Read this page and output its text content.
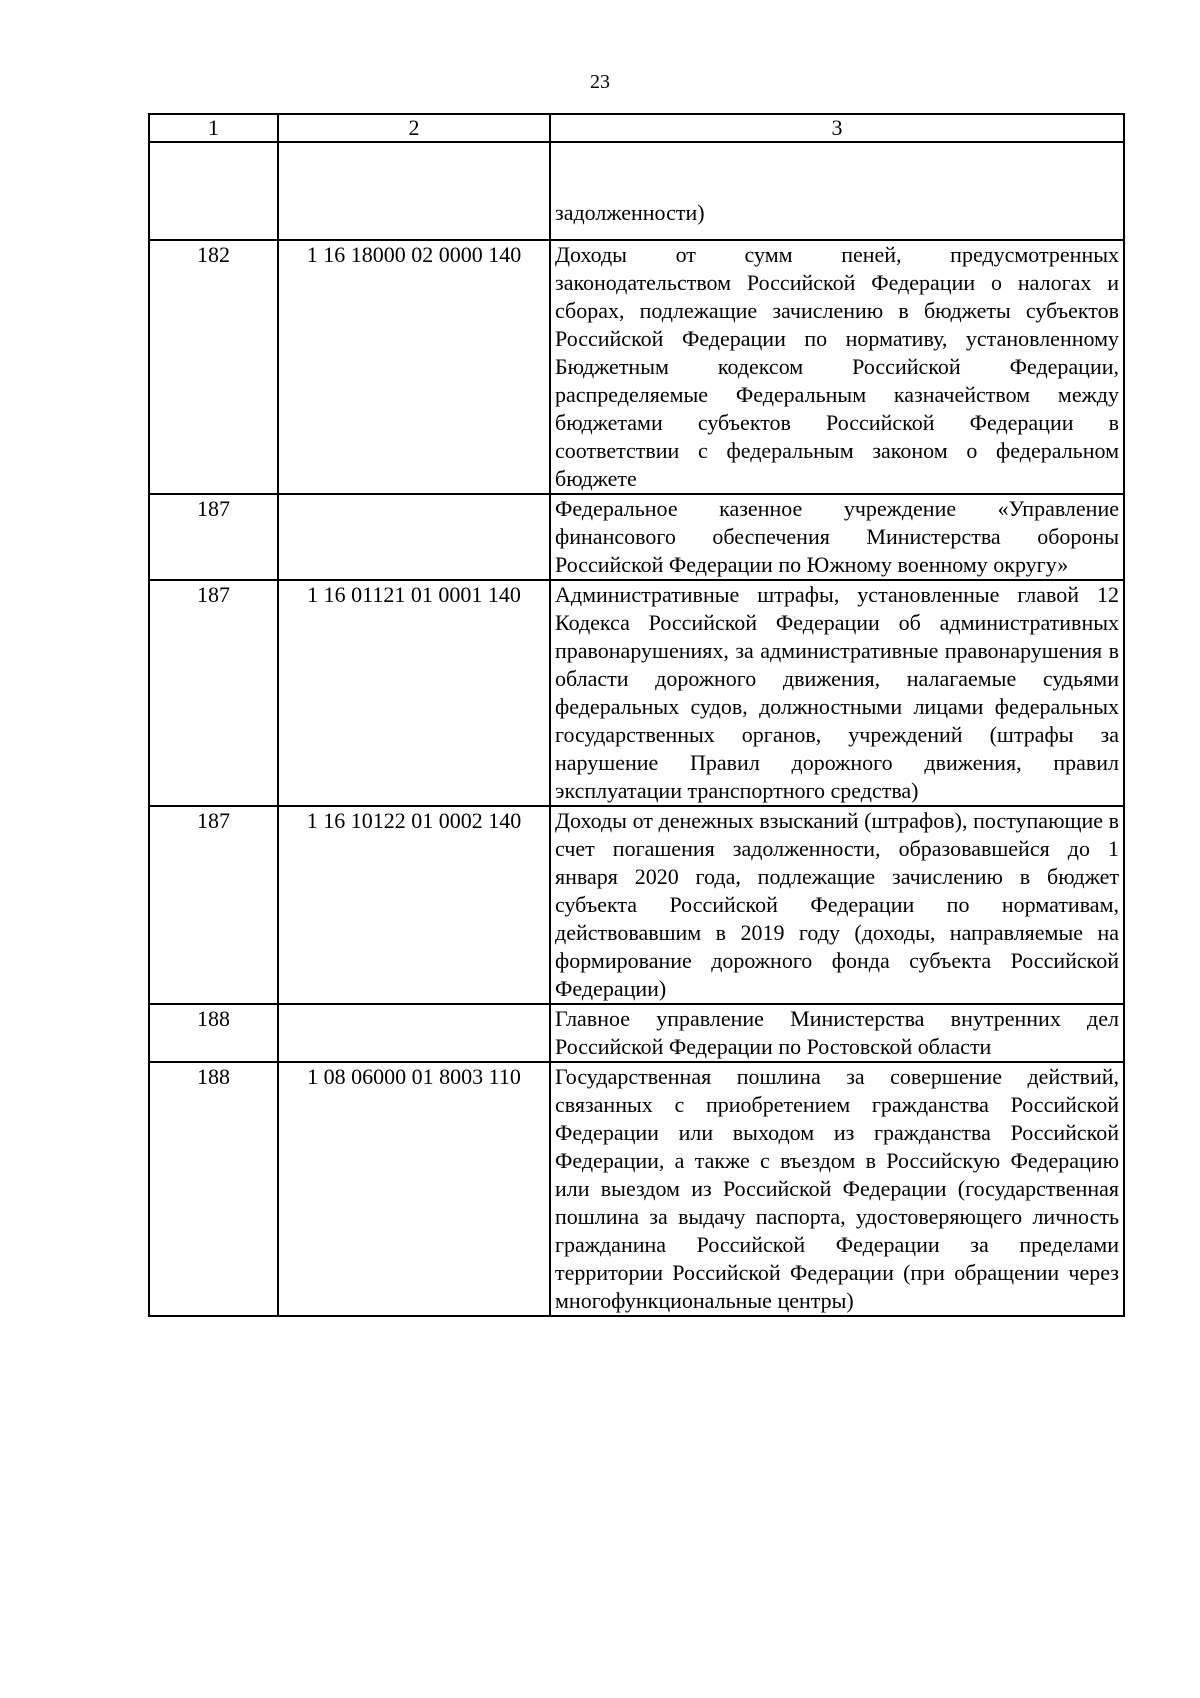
23
1	2	3
		задолженности)
182	1 16 18000 02 0000 140	Доходы от сумм пеней, предусмотренных законодательством Российской Федерации о налогах и сборах, подлежащие зачислению в бюджеты субъектов Российской Федерации по нормативу, установленному Бюджетным кодексом Российской Федерации, распределяемые Федеральным казначейством между бюджетами субъектов Российской Федерации в соответствии с федеральным законом о федеральном бюджете
187		Федеральное казенное учреждение «Управление финансового обеспечения Министерства обороны Российской Федерации по Южному военному округу»
187	1 16 01121 01 0001 140	Административные штрафы, установленные главой 12 Кодекса Российской Федерации об административных правонарушениях, за административные правонарушения в области дорожного движения, налагаемые судьями федеральных судов, должностными лицами федеральных государственных органов, учреждений (штрафы за нарушение Правил дорожного движения, правил эксплуатации транспортного средства)
187	1 16 10122 01 0002 140	Доходы от денежных взысканий (штрафов), поступающие в счет погашения задолженности, образовавшейся до 1 января 2020 года, подлежащие зачислению в бюджет субъекта Российской Федерации по нормативам, действовавшим в 2019 году (доходы, направляемые на формирование дорожного фонда субъекта Российской Федерации)
188		Главное управление Министерства внутренних дел Российской Федерации по Ростовской области
188	1 08 06000 01 8003 110	Государственная пошлина за совершение действий, связанных с приобретением гражданства Российской Федерации или выходом из гражданства Российской Федерации, а также с въездом в Российскую Федерацию или выездом из Российской Федерации (государственная пошлина за выдачу паспорта, удостоверяющего личность гражданина Российской Федерации за пределами территории Российской Федерации (при обращении через многофункциональные центры)
